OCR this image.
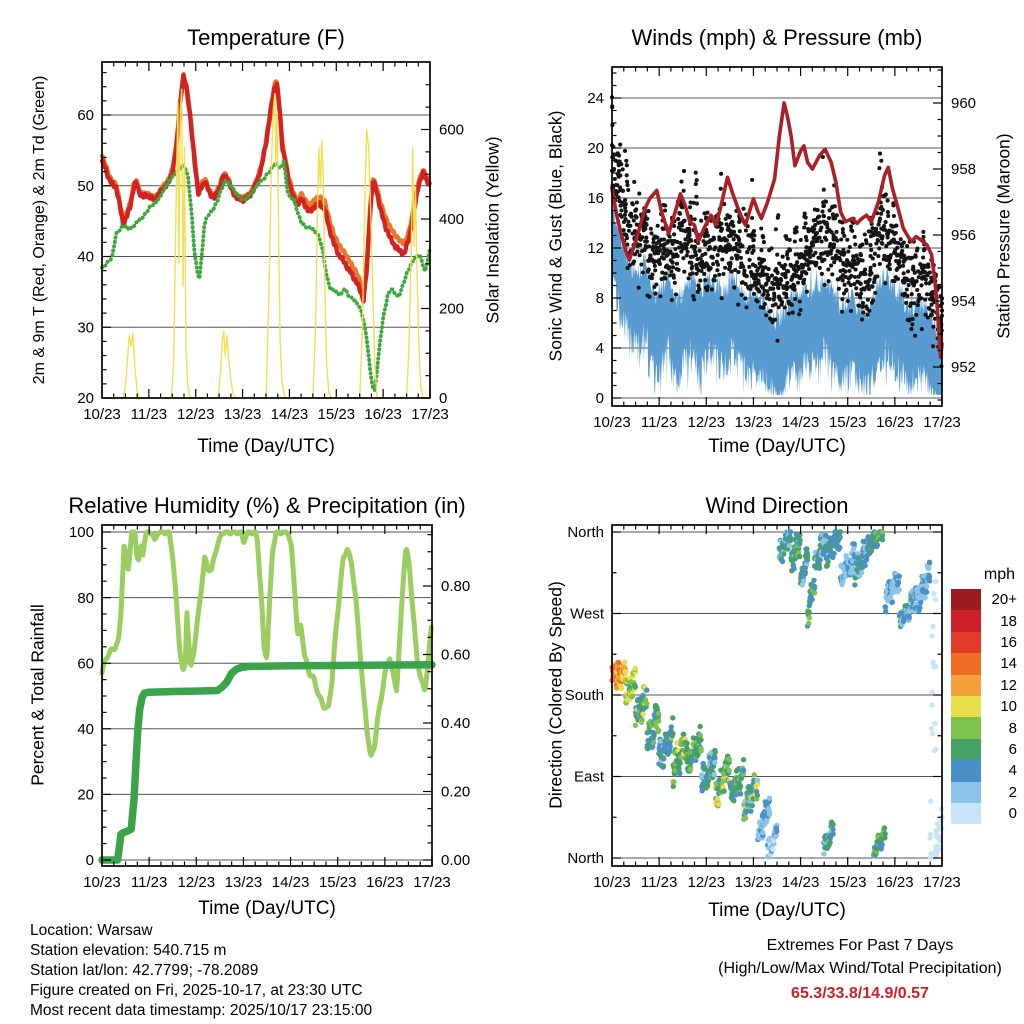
20
30
40
50
60
0
200
400
600
10/23 11/23 12/23 13/23 14/23 15/23 16/23 17/23
0
4
8
12
16
20
24
952
954
956
958
960
10/23 11/23 12/23 13/23 14/23 15/23 16/23 17/23
0
20
40
60
80
100
0.00
0.20
0.40
0.60
0.80
10/23 11/23 12/23 13/23 14/23 15/23 16/23 17/23
North
West
South
East
North
10/23 11/23 12/23 13/23 14/23 15/23 16/23 17/23
Temperature (F)	Winds (mph) & Pressure (mb)
Relative Humidity (%) & Precipitation (in)	Wind Direction
Time (Day/UTC)	Time (Day/UTC)
Time (Day/UTC)	Time (Day/UTC)
2m & 9m T (Red, Orange) & 2m Td (Green)	Solar Insolation (Yellow) Sonic Wind & Gust (Blue, Black)	Station Pressure (Maroon)
Percent & Total Rainfall	Direction (Colored By Speed)
mph
20+
18
16
14
12
10
8
6
4
2
0
Location: Warsaw
Station elevation: 540.715 m
Station lat/lon: 42.7799; -78.2089
Figure created on Fri, 2025-10-17, at 23:30 UTC
Most recent data timestamp: 2025/10/17 23:15:00
Extremes For Past 7 Days
(High/Low/Max Wind/Total Precipitation)
65.3/33.8/14.9/0.57
